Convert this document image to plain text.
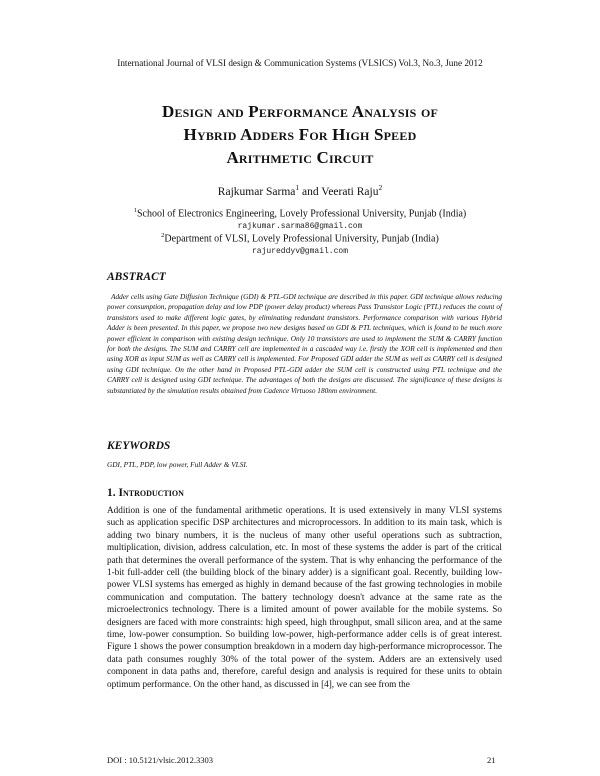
International Journal of VLSI design & Communication Systems (VLSICS) Vol.3, No.3, June 2012
Design and Performance Analysis of
Hybrid Adders For High Speed
Arithmetic Circuit
Rajkumar Sarma$^1$ and Veerati Raju$^2$
$^1$School of Electronics Engineering, Lovely Professional University, Punjab (India)
rajkumar.sarma86@gmail.com
$^2$Department of VLSI, Lovely Professional University, Punjab (India)
rajureddyv@gmail.com
ABSTRACT
Adder cells using Gate Diffusion Technique (GDI) & PTL-GDI technique are described in this paper. GDI technique allows reducing power consumption, propagation delay and low PDP (power delay product) whereas Pass Transistor Logic (PTL) reduces the count of transistors used to make different logic gates, by eliminating redundant transistors. Performance comparison with various Hybrid Adder is been presented. In this paper, we propose two new designs based on GDI & PTL techniques, which is found to be much more power efficient in comparison with existing design technique. Only 10 transistors are used to implement the SUM & CARRY function for both the designs. The SUM and CARRY cell are implemented in a cascaded way i.e. firstly the XOR cell is implemented and then using XOR as input SUM as well as CARRY cell is implemented. For Proposed GDI adder the SUM as well as CARRY cell is designed using GDI technique. On the other hand in Proposed PTL-GDI adder the SUM cell is constructed using PTL technique and the CARRY cell is designed using GDI technique. The advantages of both the designs are discussed. The significance of these designs is substantiated by the simulation results obtained from Cadence Virtuoso 180nm environment.
KEYWORDS
GDI, PTL, PDP, low power, Full Adder & VLSI.
1. Introduction
Addition is one of the fundamental arithmetic operations. It is used extensively in many VLSI systems such as application specific DSP architectures and microprocessors. In addition to its main task, which is adding two binary numbers, it is the nucleus of many other useful operations such as subtraction, multiplication, division, address calculation, etc. In most of these systems the adder is part of the critical path that determines the overall performance of the system. That is why enhancing the performance of the 1-bit full-adder cell (the building block of the binary adder) is a significant goal. Recently, building low-power VLSI systems has emerged as highly in demand because of the fast growing technologies in mobile communication and computation. The battery technology doesn't advance at the same rate as the microelectronics technology. There is a limited amount of power available for the mobile systems. So designers are faced with more constraints: high speed, high throughput, small silicon area, and at the same time, low-power consumption. So building low-power, high-performance adder cells is of great interest. Figure 1 shows the power consumption breakdown in a modern day high-performance microprocessor. The data path consumes roughly 30% of the total power of the system. Adders are an extensively used component in data paths and, therefore, careful design and analysis is required for these units to obtain optimum performance. On the other hand, as discussed in [4], we can see from the
DOI : 10.5121/vlsic.2012.3303	21
